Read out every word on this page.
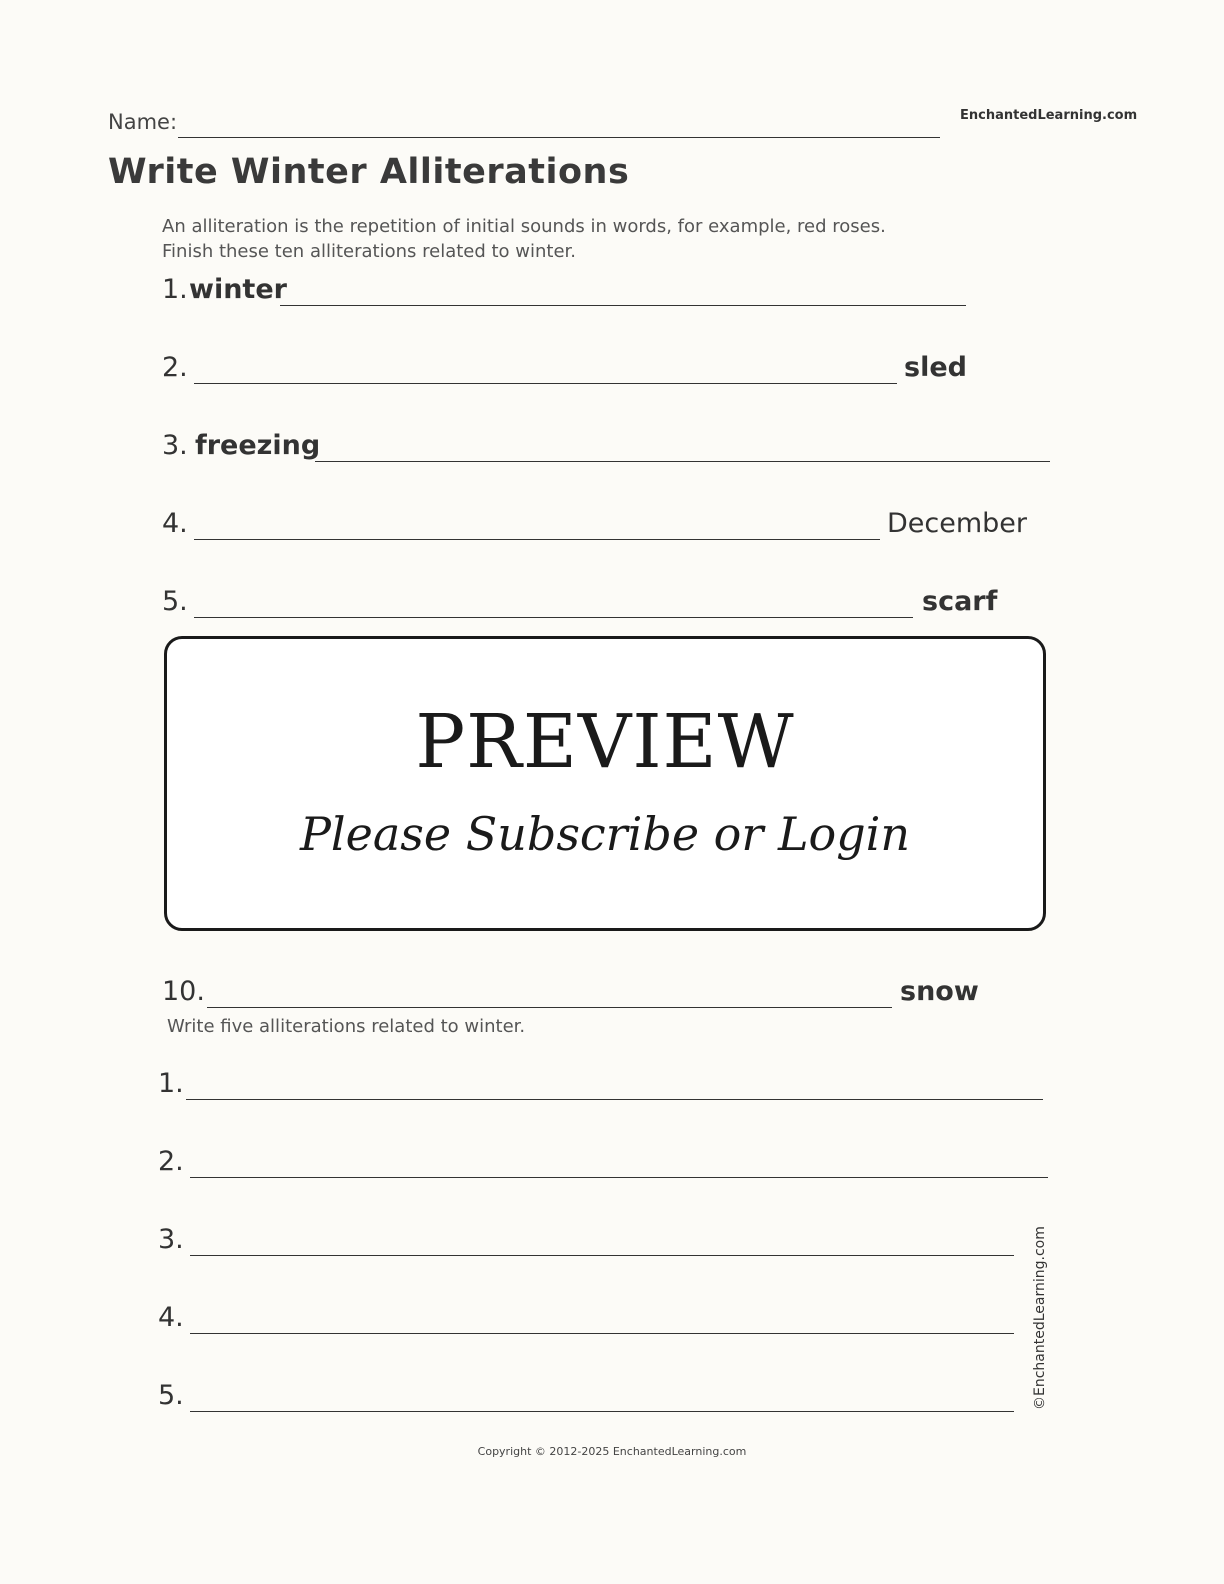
Name:	EnchantedLearning.com
Write Winter Alliterations
An alliteration is the repetition of initial sounds in words, for example, red roses.
Finish these ten alliterations related to winter.
1. winter
2.	sled
3. freezing
4.	December
5.	scarf
PREVIEW
Please Subscribe or Login
10.	snow
Write five alliterations related to winter.
1.
2.
3.
4.
5.	©EnchantedLearning.com
Copyright © 2012-2025 EnchantedLearning.com
